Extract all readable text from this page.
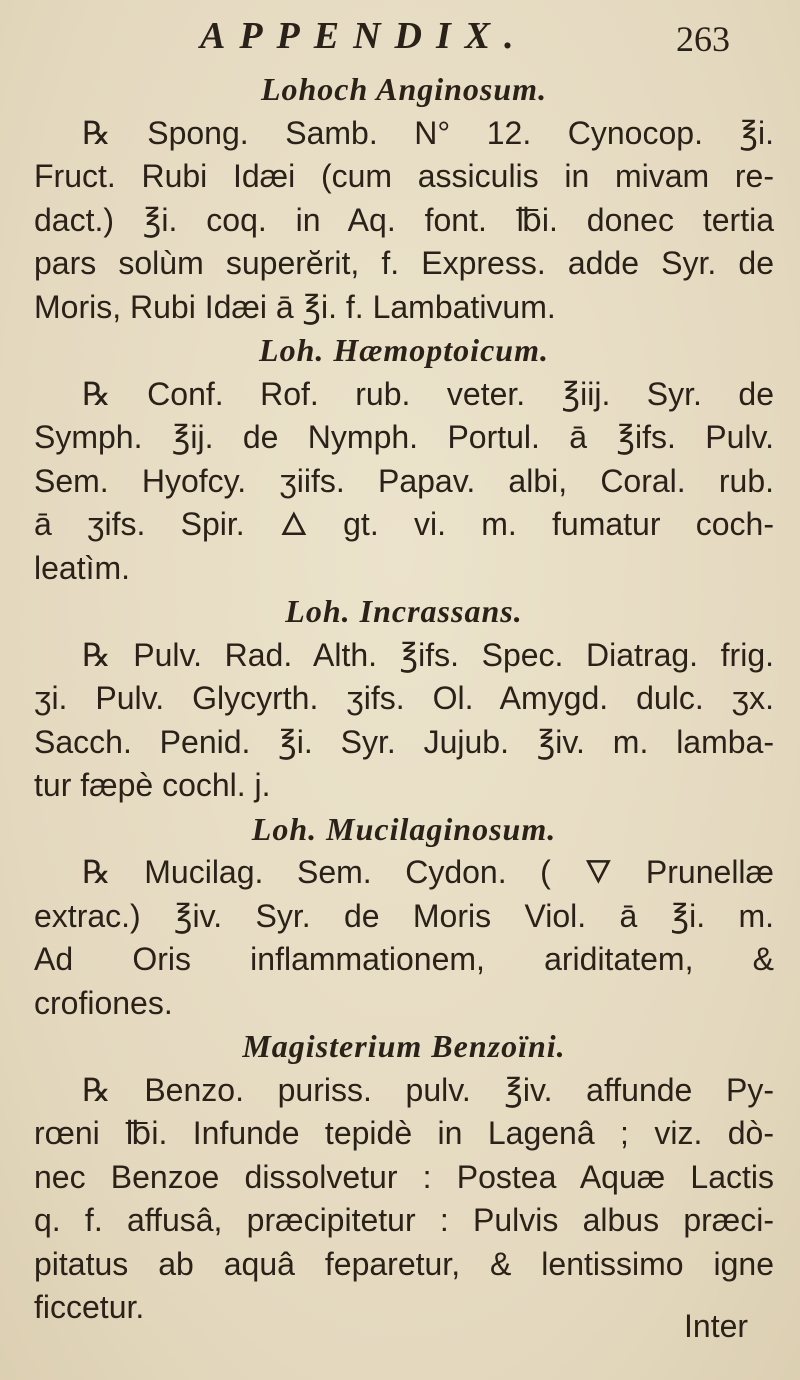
APPENDIX.	263
Lohoch Anginosum.
℞ Spong. Samb. N° 12. Cynocop. ℥i.
Fruct. Rubi Idæi (cum assiculis in mivam re-
dact.) ℥i. coq. in Aq. font. ℔i. donec tertia
pars solùm superĕrit, f. Express. adde Syr. de
Moris, Rubi Idæi ā ℥i. f. Lambativum.
Loh. Hæmoptoicum.
℞ Conf. Rof. rub. veter. ℥iij. Syr. de
Symph. ℥ij. de Nymph. Portul. ā ℥ifs. Pulv.
Sem. Hyofcy. ʒiifs. Papav. albi, Coral. rub.
ā ʒifs. Spir. 🜂 gt. vi. m. fumatur coch-
leatìm.
Loh. Incrassans.
℞ Pulv. Rad. Alth. ℥ifs. Spec. Diatrag. frig.
ʒi. Pulv. Glycyrth. ʒifs. Ol. Amygd. dulc. ʒx.
Sacch. Penid. ℥i. Syr. Jujub. ℥iv. m. lamba-
tur fæpè cochl. j.
Loh. Mucilaginosum.
℞ Mucilag. Sem. Cydon. ( 🜄 Prunellæ
extrac.) ℥iv. Syr. de Moris Viol. ā ℥i. m.
Ad Oris inflammationem, ariditatem, &
crofiones.
Magisterium Benzoïni.
℞ Benzo. puriss. pulv. ℥iv. affunde Py-
rœni ℔i. Infunde tepidè in Lagenâ ; viz. dò-
nec Benzoe dissolvetur : Postea Aquæ Lactis
q. f. affusâ, præcipitetur : Pulvis albus præci-
pitatus ab aquâ feparetur, & lentissimo igne
ficcetur.
Inter
